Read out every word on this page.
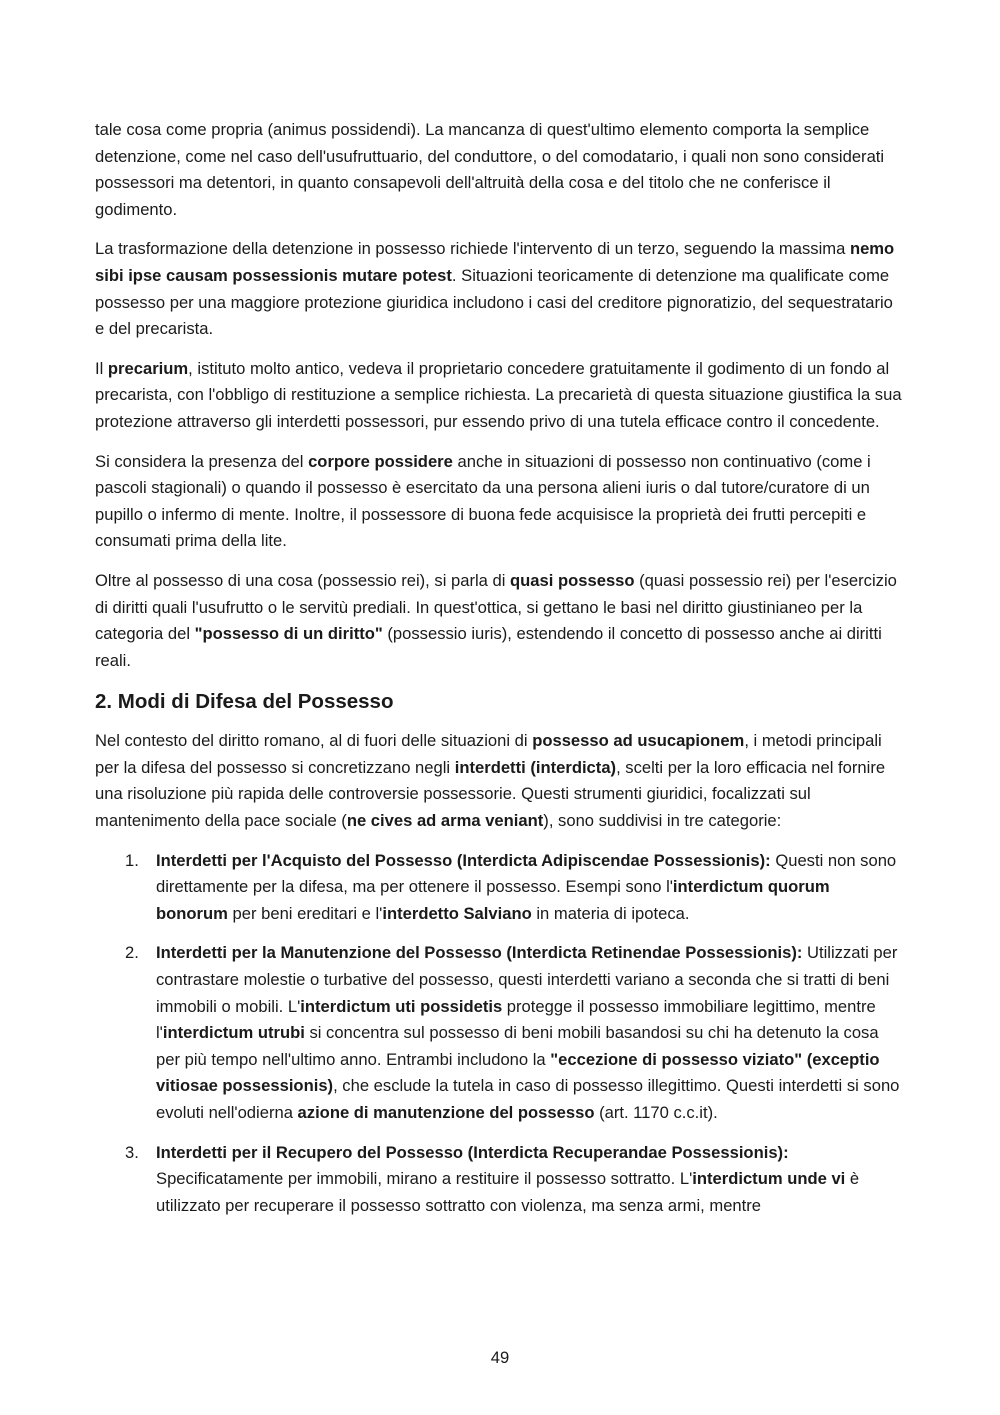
tale cosa come propria (animus possidendi). La mancanza di quest'ultimo elemento comporta la semplice detenzione, come nel caso dell'usufruttuario, del conduttore, o del comodatario, i quali non sono considerati possessori ma detentori, in quanto consapevoli dell'altruità della cosa e del titolo che ne conferisce il godimento.

La trasformazione della detenzione in possesso richiede l'intervento di un terzo, seguendo la massima nemo sibi ipse causam possessionis mutare potest. Situazioni teoricamente di detenzione ma qualificate come possesso per una maggiore protezione giuridica includono i casi del creditore pignoratizio, del sequestratario e del precarista.

Il precarium, istituto molto antico, vedeva il proprietario concedere gratuitamente il godimento di un fondo al precarista, con l'obbligo di restituzione a semplice richiesta. La precarietà di questa situazione giustifica la sua protezione attraverso gli interdetti possessori, pur essendo privo di una tutela efficace contro il concedente.

Si considera la presenza del corpore possidere anche in situazioni di possesso non continuativo (come i pascoli stagionali) o quando il possesso è esercitato da una persona alieni iuris o dal tutore/curatore di un pupillo o infermo di mente. Inoltre, il possessore di buona fede acquisisce la proprietà dei frutti percepiti e consumati prima della lite.

Oltre al possesso di una cosa (possessio rei), si parla di quasi possesso (quasi possessio rei) per l'esercizio di diritti quali l'usufrutto o le servitù prediali. In quest'ottica, si gettano le basi nel diritto giustinianeo per la categoria del "possesso di un diritto" (possessio iuris), estendendo il concetto di possesso anche ai diritti reali.

2. Modi di Difesa del Possesso

Nel contesto del diritto romano, al di fuori delle situazioni di possesso ad usucapionem, i metodi principali per la difesa del possesso si concretizzano negli interdetti (interdicta), scelti per la loro efficacia nel fornire una risoluzione più rapida delle controversie possessorie. Questi strumenti giuridici, focalizzati sul mantenimento della pace sociale (ne cives ad arma veniant), sono suddivisi in tre categorie:

1. Interdetti per l'Acquisto del Possesso (Interdicta Adipiscendae Possessionis): Questi non sono direttamente per la difesa, ma per ottenere il possesso. Esempi sono l'interdictum quorum bonorum per beni ereditari e l'interdetto Salviano in materia di ipoteca.
2. Interdetti per la Manutenzione del Possesso (Interdicta Retinendae Possessionis): Utilizzati per contrastare molestie o turbative del possesso, questi interdetti variano a seconda che si tratti di beni immobili o mobili. L'interdictum uti possidetis protegge il possesso immobiliare legittimo, mentre l'interdictum utrubi si concentra sul possesso di beni mobili basandosi su chi ha detenuto la cosa per più tempo nell'ultimo anno. Entrambi includono la "eccezione di possesso viziato" (exceptio vitiosae possessionis), che esclude la tutela in caso di possesso illegittimo. Questi interdetti si sono evoluti nell'odierna azione di manutenzione del possesso (art. 1170 c.c.it).
3. Interdetti per il Recupero del Possesso (Interdicta Recuperandae Possessionis): Specificatamente per immobili, mirano a restituire il possesso sottratto. L'interdictum unde vi è utilizzato per recuperare il possesso sottratto con violenza, ma senza armi, mentre
49
